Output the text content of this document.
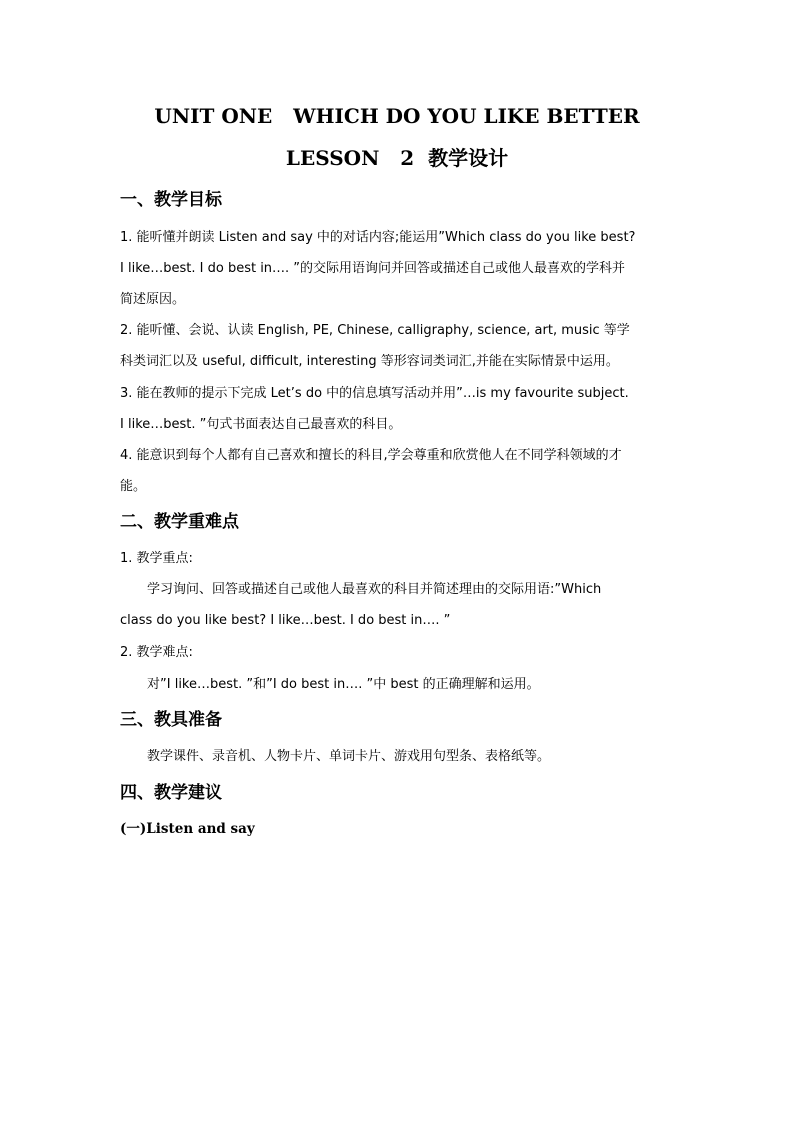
UNIT ONE   WHICH DO YOU LIKE BETTER
LESSON   2  教学设计
一、教学目标
1. 能听懂并朗读 Listen and say 中的对话内容;能运用”Which class do you like best?
I like…best. I do best in…. ”的交际用语询问并回答或描述自己或他人最喜欢的学科并
简述原因。
2. 能听懂、会说、认读 English, PE, Chinese, calligraphy, science, art, music 等学
科类词汇以及 useful, difficult, interesting 等形容词类词汇,并能在实际情景中运用。
3. 能在教师的提示下完成 Let’s do 中的信息填写活动并用”…is my favourite subject.
I like…best. ”句式书面表达自己最喜欢的科目。
4. 能意识到每个人都有自己喜欢和擅长的科目,学会尊重和欣赏他人在不同学科领域的才
能。
二、教学重难点
1. 教学重点:
学习询问、回答或描述自己或他人最喜欢的科目并简述理由的交际用语:”Which
class do you like best? I like…best. I do best in…. ”
2. 教学难点:
对”I like…best. ”和”I do best in…. ”中 best 的正确理解和运用。
三、教具准备
教学课件、录音机、人物卡片、单词卡片、游戏用句型条、表格纸等。
四、教学建议
(一)Listen and say
